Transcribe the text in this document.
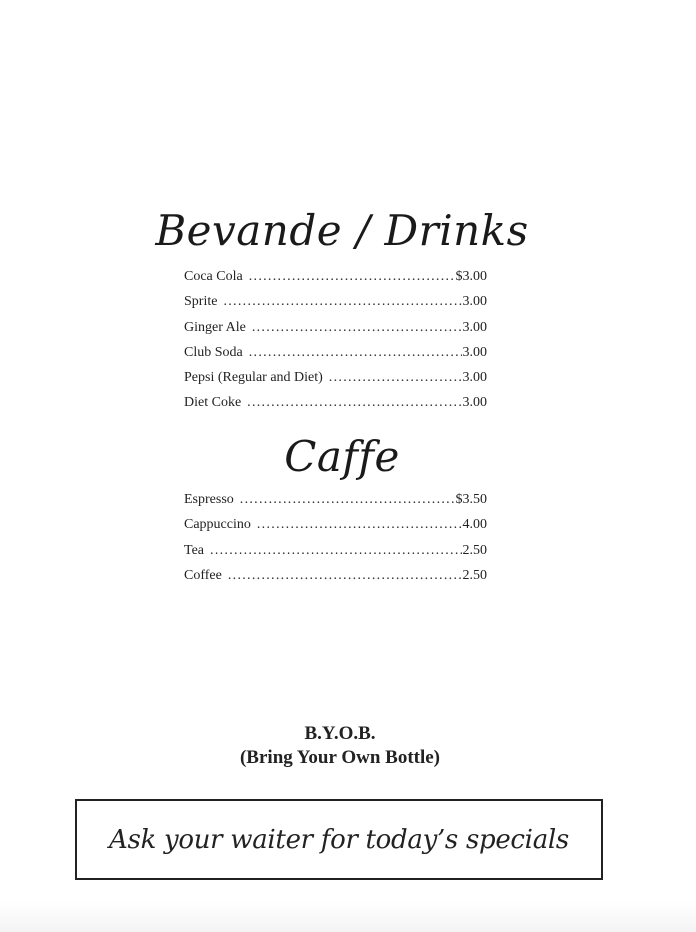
Bevande / Drinks
Coca Cola . . .	$3.00
Sprite . . .	3.00
Ginger Ale . . .	3.00
Club Soda . . .	3.00
Pepsi (Regular and Diet) . . .	3.00
Diet Coke . . .	3.00
Caffe
Espresso . . .	$3.50
Cappuccino . . .	4.00
Tea . . .	2.50
Coffee . . .	2.50
B.Y.O.B.
(Bring Your Own Bottle)
Ask your waiter for today’s specials
